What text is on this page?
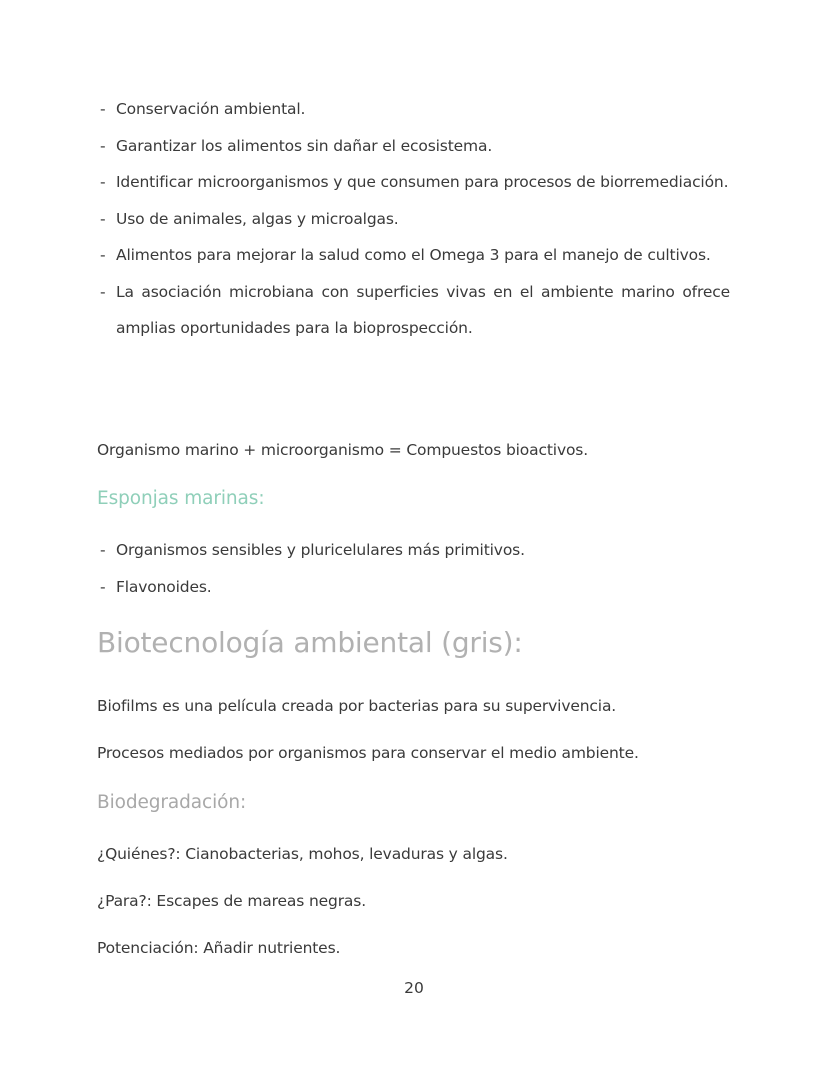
- Conservación ambiental.
- Garantizar los alimentos sin dañar el ecosistema.
- Identificar microorganismos y que consumen para procesos de biorremediación.
- Uso de animales, algas y microalgas.
- Alimentos para mejorar la salud como el Omega 3 para el manejo de cultivos.
- La asociación microbiana con superficies vivas en el ambiente marino ofrece amplias oportunidades para la bioprospección.

Organismo marino + microorganismo = Compuestos bioactivos.

Esponjas marinas:
- Organismos sensibles y pluricelulares más primitivos.
- Flavonoides.
Biotecnología ambiental (gris):

Biofilms es una película creada por bacterias para su supervivencia.

Procesos mediados por organismos para conservar el medio ambiente.

Biodegradación:

¿Quiénes?: Cianobacterias, mohos, levaduras y algas.

¿Para?: Escapes de mareas negras.

Potenciación: Añadir nutrientes.

20
